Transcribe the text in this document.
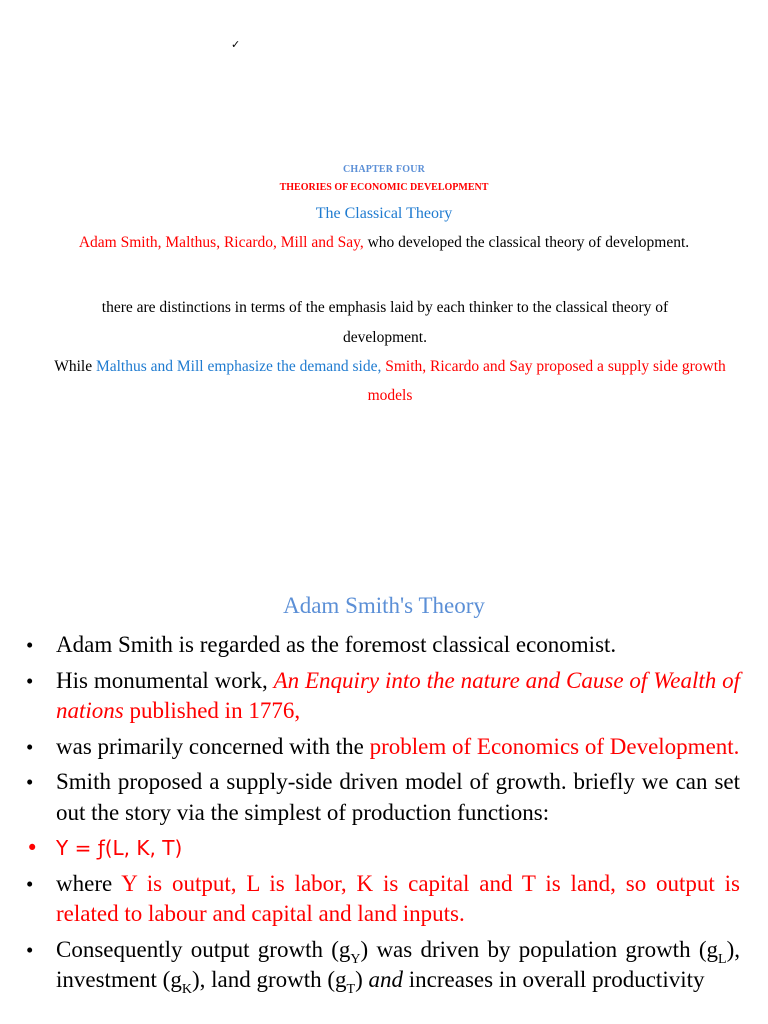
✓
CHAPTER FOUR
THEORIES OF ECONOMIC DEVELOPMENT
The Classical Theory
Adam Smith, Malthus, Ricardo, Mill and Say, who developed the classical theory of development.
there are distinctions in terms of the emphasis laid by each thinker to the classical theory of development.
While Malthus and Mill emphasize the demand side, Smith, Ricardo and Say proposed a supply side growth models
Adam Smith's Theory
• Adam Smith is regarded as the foremost classical economist.
• His monumental work, An Enquiry into the nature and Cause of Wealth of nations published in 1776,
• was primarily concerned with the problem of Economics of Development.
• Smith proposed a supply-side driven model of growth. briefly we can set out the story via the simplest of production functions:
• Y = ƒ(L, K, T)
• where Y is output, L is labor, K is capital and T is land, so output is related to labour and capital and land inputs.
• Consequently output growth $(g_Y)$ was driven by population growth $(g_L)$, investment $(g_K)$, land growth $(g_T)$ and increases in overall productivity
